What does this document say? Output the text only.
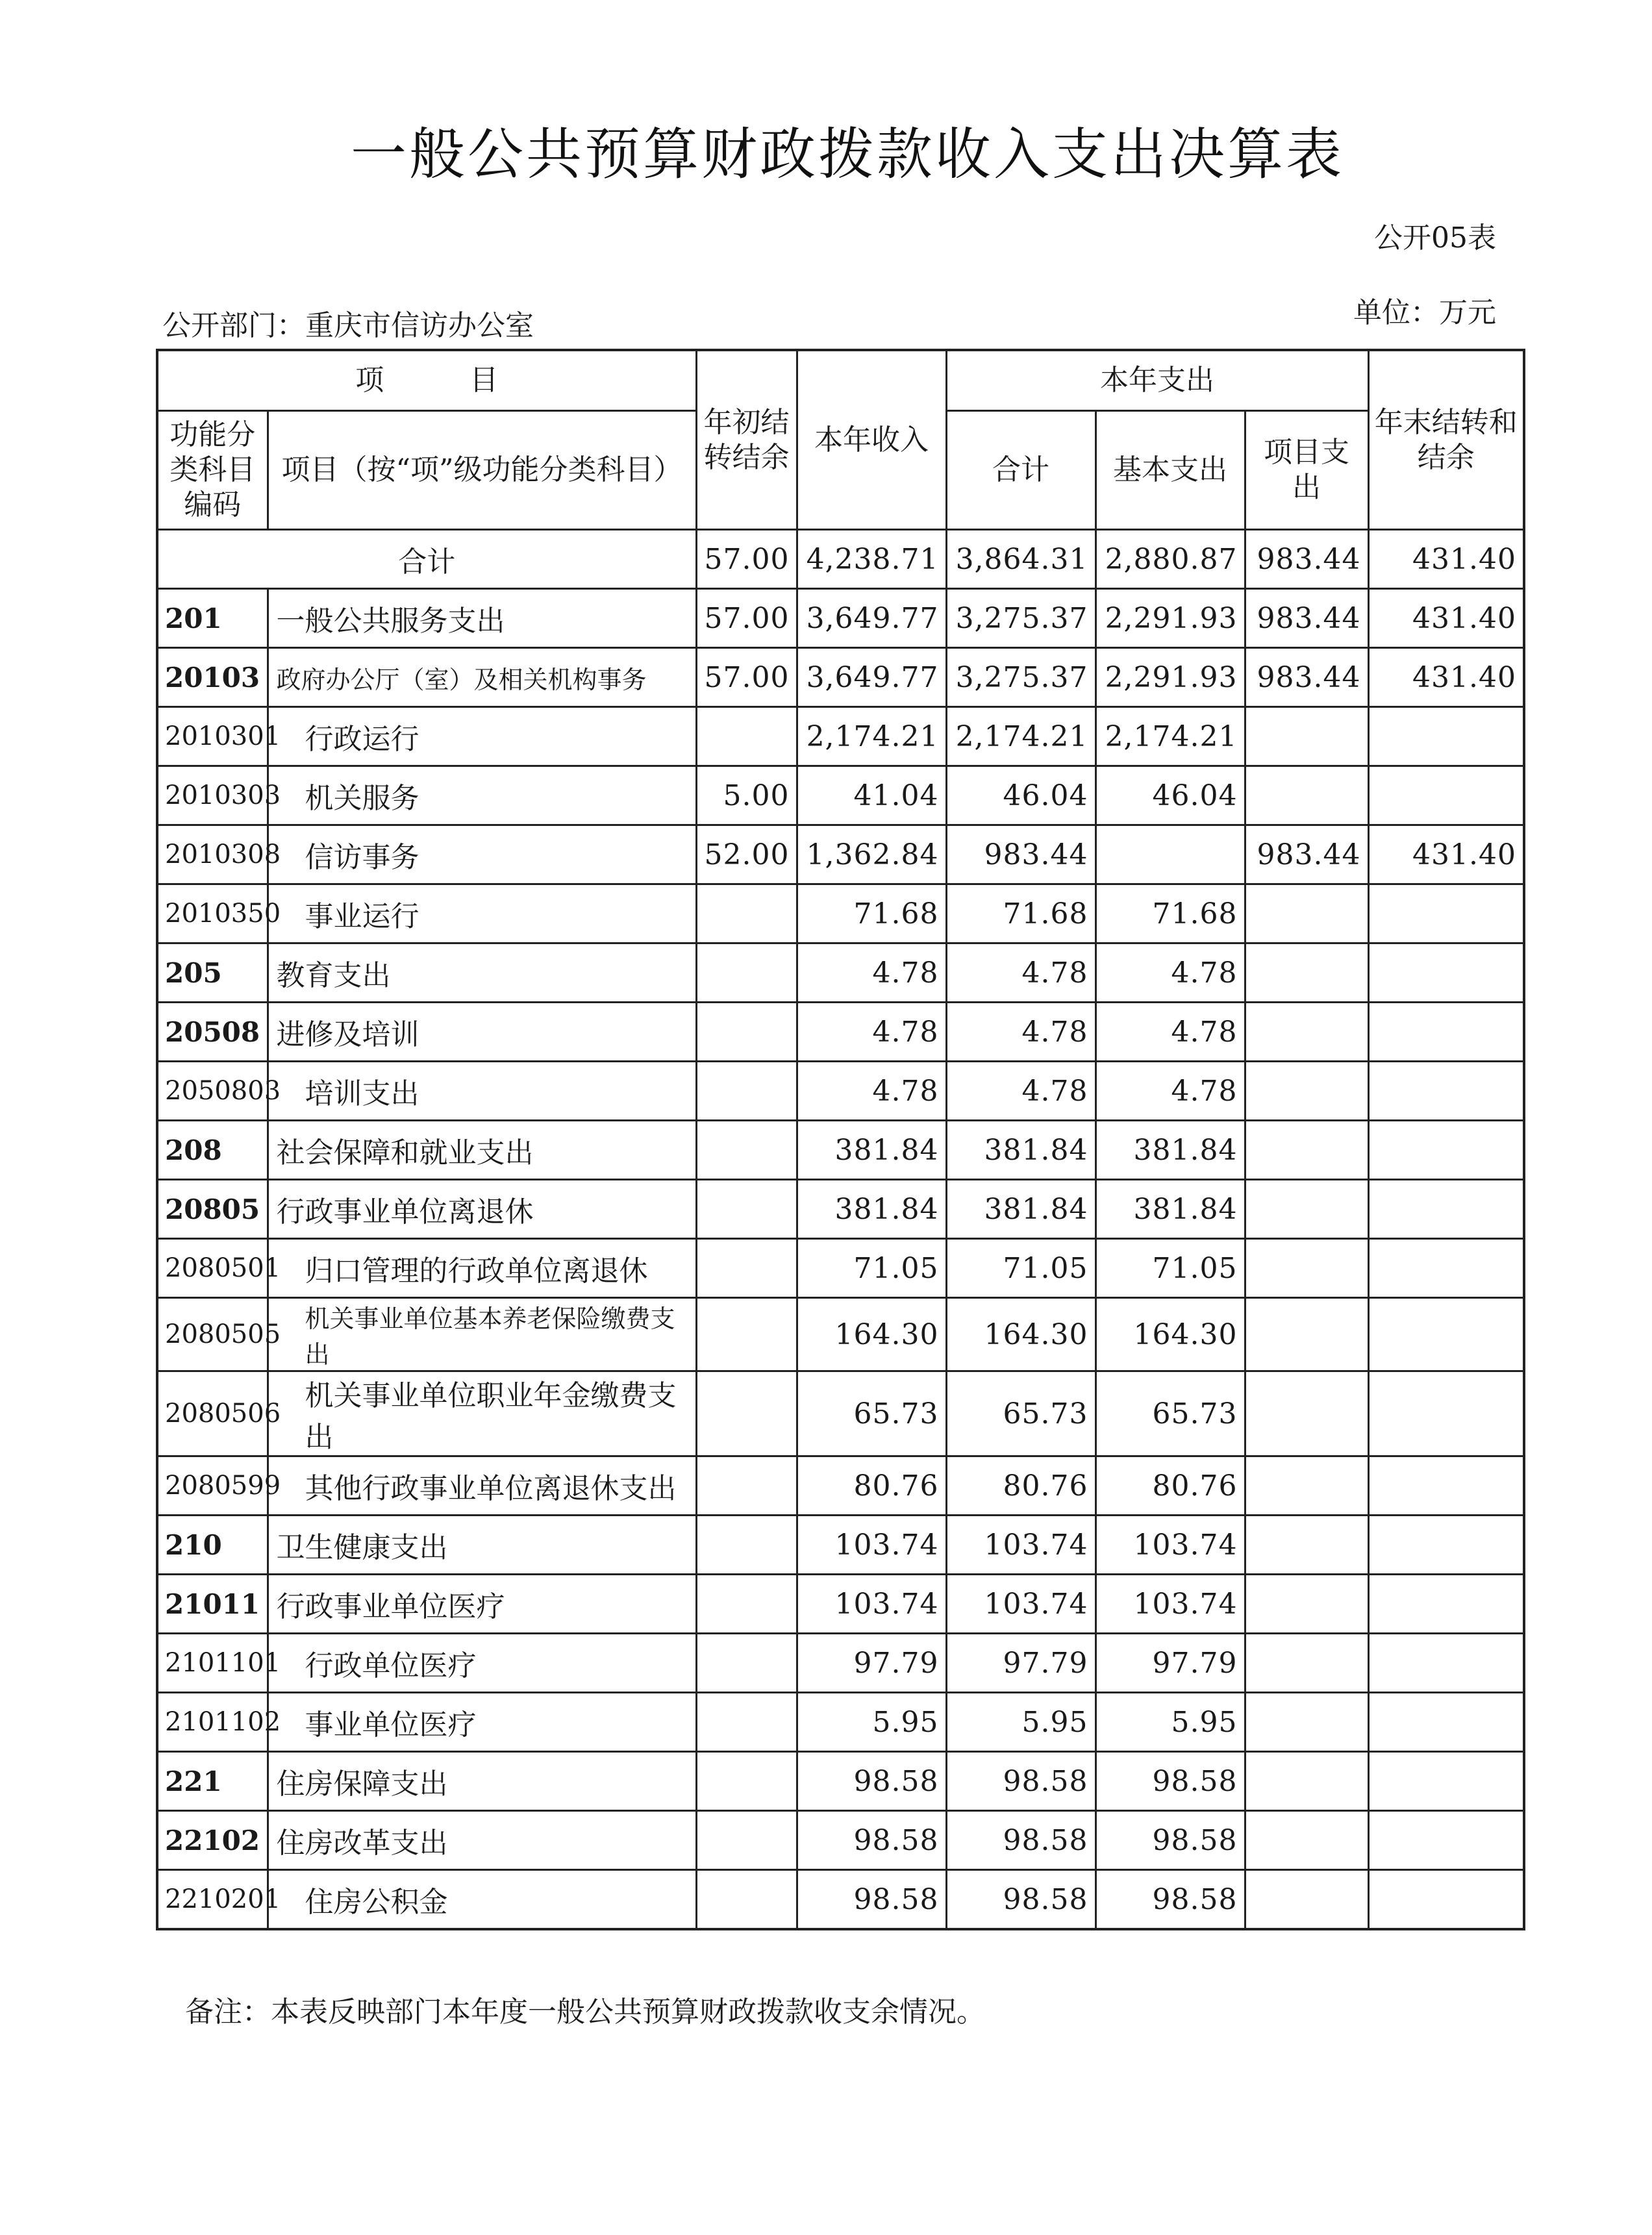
一般公共预算财政拨款收入支出决算表
公开05表
单位：万元
公开部门：重庆市信访办公室
项　　　目		年初结转结余	本年收入	本年支出			年末结转和结余
功能分类科目编码	项目（按“项”级功能分类科目）			合计	基本支出	项目支出	
合计		57.00	4,238.71	3,864.31	2,880.87	983.44	431.40
201	一般公共服务支出	57.00	3,649.77	3,275.37	2,291.93	983.44	431.40
20103	政府办公厅（室）及相关机构事务	57.00	3,649.77	3,275.37	2,291.93	983.44	431.40
2010301	行政运行		2,174.21	2,174.21	2,174.21		
2010303	机关服务	5.00	41.04	46.04	46.04		
2010308	信访事务	52.00	1,362.84	983.44		983.44	431.40
2010350	事业运行		71.68	71.68	71.68		
205	教育支出		4.78	4.78	4.78		
20508	进修及培训		4.78	4.78	4.78		
2050803	培训支出		4.78	4.78	4.78		
208	社会保障和就业支出		381.84	381.84	381.84		
20805	行政事业单位离退休		381.84	381.84	381.84		
2080501	归口管理的行政单位离退休		71.05	71.05	71.05		
2080505	机关事业单位基本养老保险缴费支出		164.30	164.30	164.30		
2080506	机关事业单位职业年金缴费支出		65.73	65.73	65.73		
2080599	其他行政事业单位离退休支出		80.76	80.76	80.76		
210	卫生健康支出		103.74	103.74	103.74		
21011	行政事业单位医疗		103.74	103.74	103.74		
2101101	行政单位医疗		97.79	97.79	97.79		
2101102	事业单位医疗		5.95	5.95	5.95		
221	住房保障支出		98.58	98.58	98.58		
22102	住房改革支出		98.58	98.58	98.58		
2210201	住房公积金		98.58	98.58	98.58		
备注：本表反映部门本年度一般公共预算财政拨款收支余情况。
